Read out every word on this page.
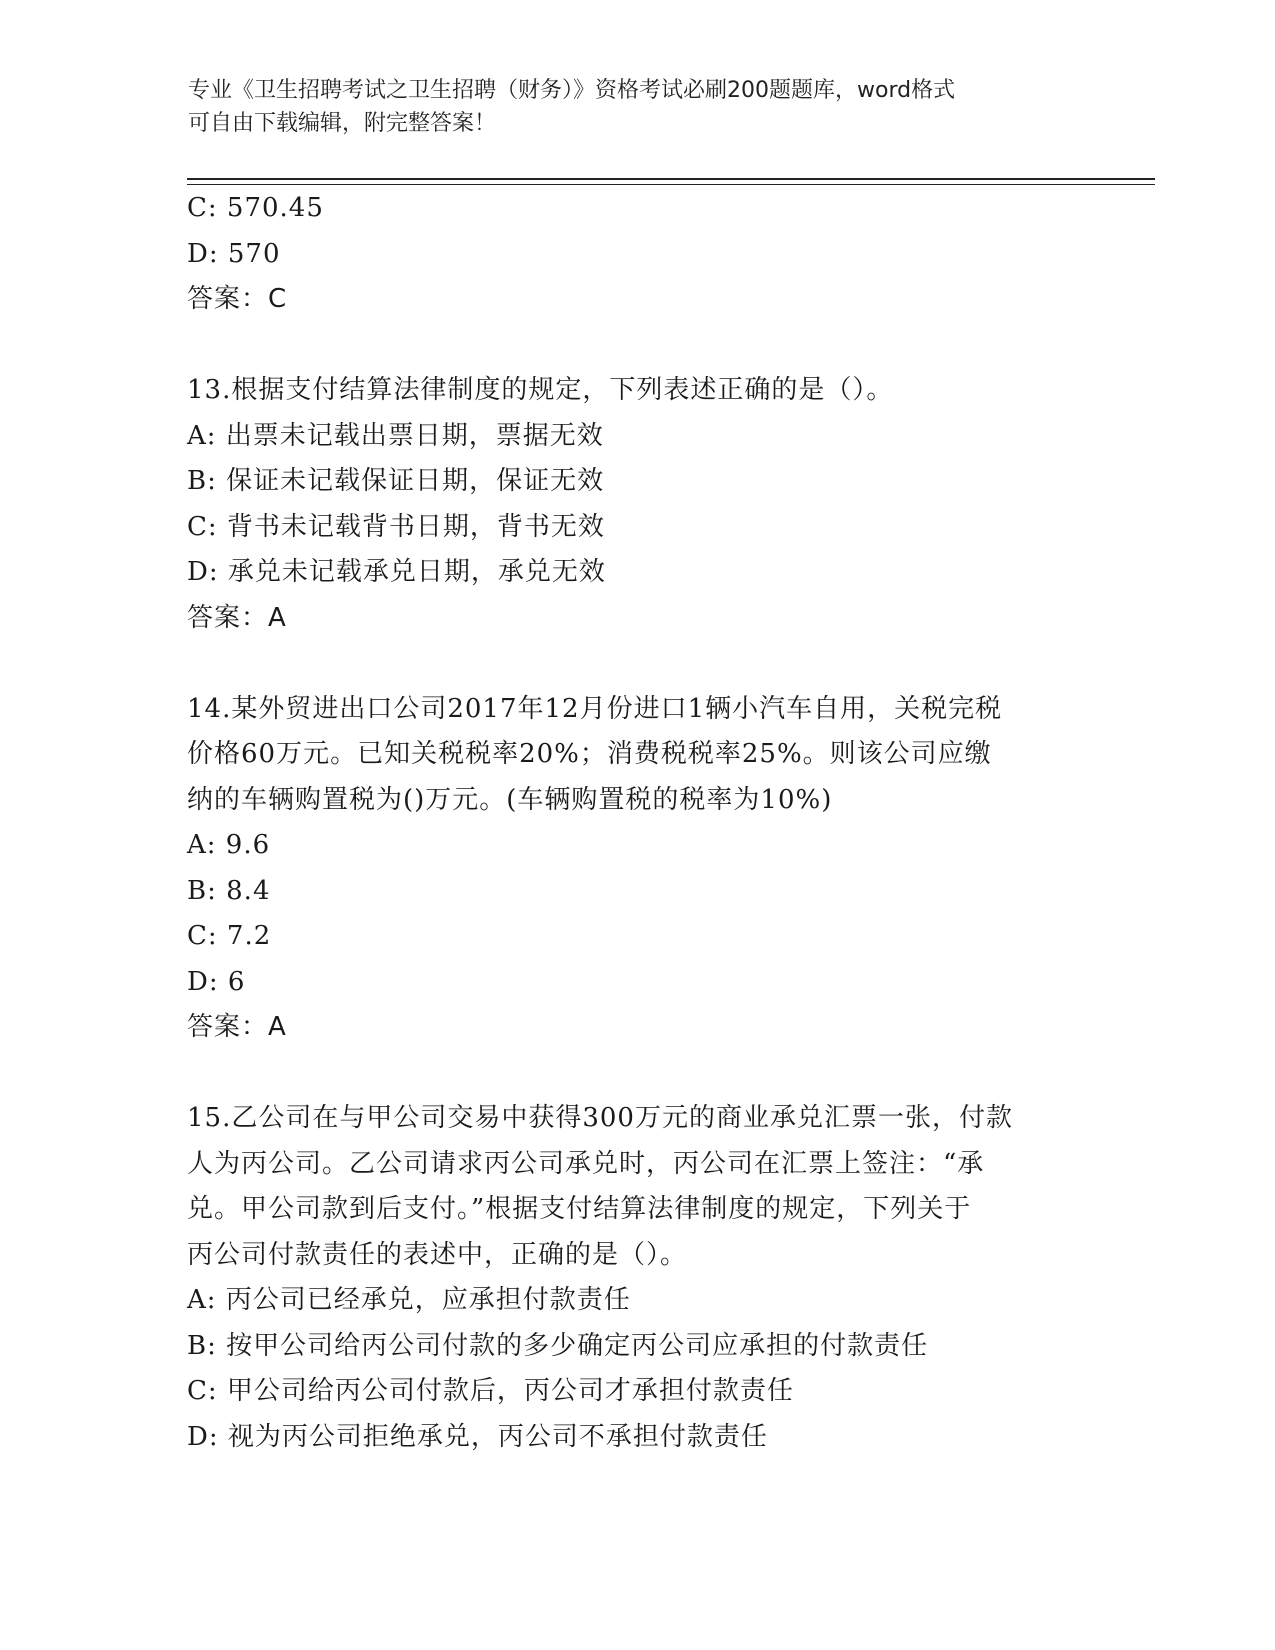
专业《卫生招聘考试之卫生招聘（财务）》资格考试必刷200题题库，word格式
可自由下载编辑，附完整答案！
C: 570.45
D: 570
答案：C
13.根据支付结算法律制度的规定，下列表述正确的是（）。
A: 出票未记载出票日期，票据无效
B: 保证未记载保证日期，保证无效
C: 背书未记载背书日期，背书无效
D: 承兑未记载承兑日期，承兑无效
答案：A
14.某外贸进出口公司2017年12月份进口1辆小汽车自用，关税完税
价格60万元。已知关税税率20%；消费税税率25%。则该公司应缴
纳的车辆购置税为()万元。(车辆购置税的税率为10%)
A: 9.6
B: 8.4
C: 7.2
D: 6
答案：A
15.乙公司在与甲公司交易中获得300万元的商业承兑汇票一张，付款
人为丙公司。乙公司请求丙公司承兑时，丙公司在汇票上签注：“承
兑。甲公司款到后支付。”根据支付结算法律制度的规定，下列关于
丙公司付款责任的表述中，正确的是（）。
A: 丙公司已经承兑，应承担付款责任
B: 按甲公司给丙公司付款的多少确定丙公司应承担的付款责任
C: 甲公司给丙公司付款后，丙公司才承担付款责任
D: 视为丙公司拒绝承兑，丙公司不承担付款责任
